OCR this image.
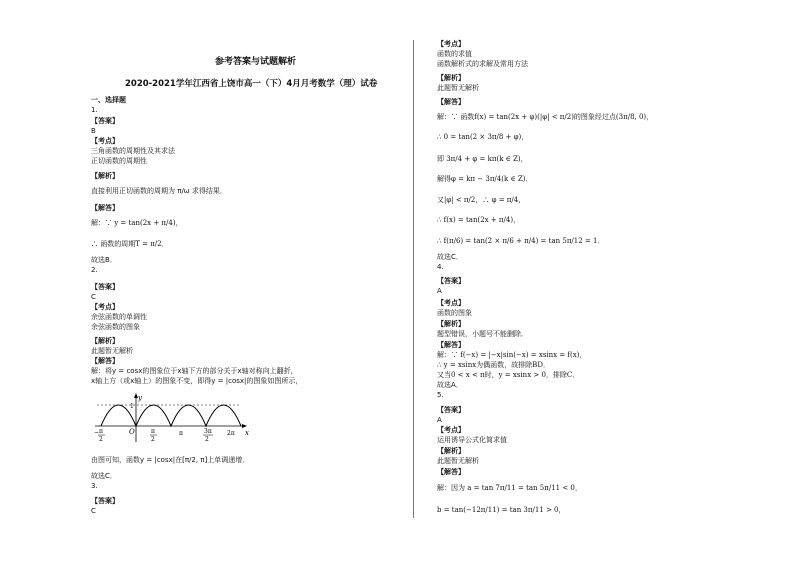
参考答案与试题解析
2020-2021学年江西省上饶市高一（下）4月月考数学（理）试卷
一、选择题
1.
【答案】
B
【考点】
三角函数的周期性及其求法
正切函数的周期性
【解析】
直接利用正切函数的周期为 π/ω 求得结果．
【解答】
解：∵ y = tan(2x + π/4)，
∴ 函数的周期T = π/2．
故选B．
2.
【答案】
C
【考点】
余弦函数的单调性
余弦函数的图象
【解析】
此题暂无解析
【解答】
解：将y = cosx的图象位于x轴下方的部分关于x轴对称向上翻折，
x轴上方（或x轴上）的图象不变，即得y = |cosx|的图象如图所示，
y
x
1
O
− π
2
π
2
π	3π
2
2π
由图可知，函数y = |cosx|在[π/2, π]上单调递增．
故选C．
3.
【答案】
C
【考点】
函数的求值
函数解析式的求解及常用方法
【解析】
此题暂无解析
【解答】
解：∵ 函数f(x) = tan(2x + φ)(|φ| < π/2)的图象经过点(3π/8, 0)，
∴ 0 = tan(2 × 3π/8 + φ)，
即 3π/4 + φ = kπ(k ∈ Z)，
解得φ = kπ − 3π/4(k ∈ Z)．
又|φ| < π/2，∴ φ = π/4，
∴ f(x) = tan(2x + π/4)，
∴ f(π/6) = tan(2 × π/6 + π/4) = tan 5π/12 = 1．
故选C．
4.
【答案】
A
【考点】
函数的图象
【解析】
题型错误，小题号不能删除．
【解答】
解：∵ f(−x) = |−x|sin(−x) = xsinx = f(x)，
∴ y = xsinx为偶函数，故排除BD．
又当0 < x < π时，y = xsinx > 0，排除C．
故选A．
5.
【答案】
A
【考点】
运用诱导公式化简求值
【解析】
此题暂无解析
【解答】
解：因为 a = tan 7π/11 = tan 5π/11 < 0，
b = tan(−12π/11) = tan 3π/11 > 0，
